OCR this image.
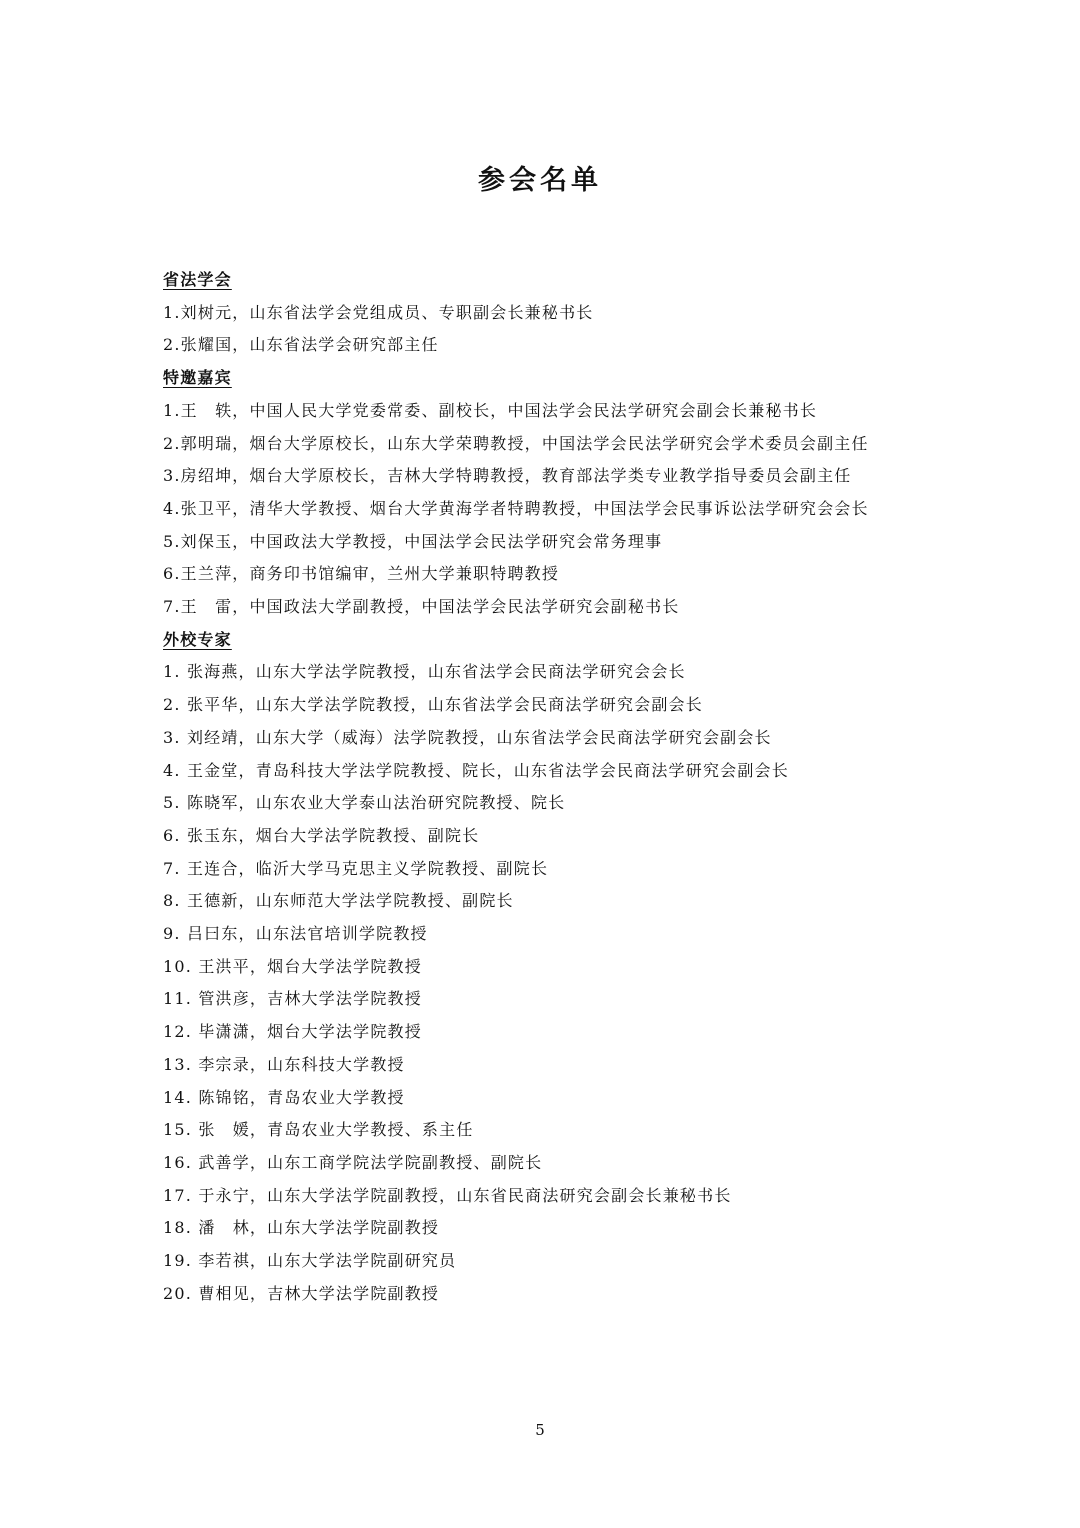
参会名单
省法学会
1.刘树元，山东省法学会党组成员、专职副会长兼秘书长
2.张耀国，山东省法学会研究部主任
特邀嘉宾
1.王　轶，中国人民大学党委常委、副校长，中国法学会民法学研究会副会长兼秘书长
2.郭明瑞，烟台大学原校长，山东大学荣聘教授，中国法学会民法学研究会学术委员会副主任
3.房绍坤，烟台大学原校长，吉林大学特聘教授，教育部法学类专业教学指导委员会副主任
4.张卫平，清华大学教授、烟台大学黄海学者特聘教授，中国法学会民事诉讼法学研究会会长
5.刘保玉，中国政法大学教授，中国法学会民法学研究会常务理事
6.王兰萍，商务印书馆编审，兰州大学兼职特聘教授
7.王　雷，中国政法大学副教授，中国法学会民法学研究会副秘书长
外校专家
1. 张海燕，山东大学法学院教授，山东省法学会民商法学研究会会长
2. 张平华，山东大学法学院教授，山东省法学会民商法学研究会副会长
3. 刘经靖，山东大学（威海）法学院教授，山东省法学会民商法学研究会副会长
4. 王金堂，青岛科技大学法学院教授、院长，山东省法学会民商法学研究会副会长
5. 陈晓军，山东农业大学泰山法治研究院教授、院长
6. 张玉东，烟台大学法学院教授、副院长
7. 王连合，临沂大学马克思主义学院教授、副院长
8. 王德新，山东师范大学法学院教授、副院长
9. 吕曰东，山东法官培训学院教授
10. 王洪平，烟台大学法学院教授
11. 管洪彦，吉林大学法学院教授
12. 毕潇潇，烟台大学法学院教授
13. 李宗录，山东科技大学教授
14. 陈锦铭，青岛农业大学教授
15. 张　媛，青岛农业大学教授、系主任
16. 武善学，山东工商学院法学院副教授、副院长
17. 于永宁，山东大学法学院副教授，山东省民商法研究会副会长兼秘书长
18. 潘　林，山东大学法学院副教授
19. 李若祺，山东大学法学院副研究员
20. 曹相见，吉林大学法学院副教授
5
